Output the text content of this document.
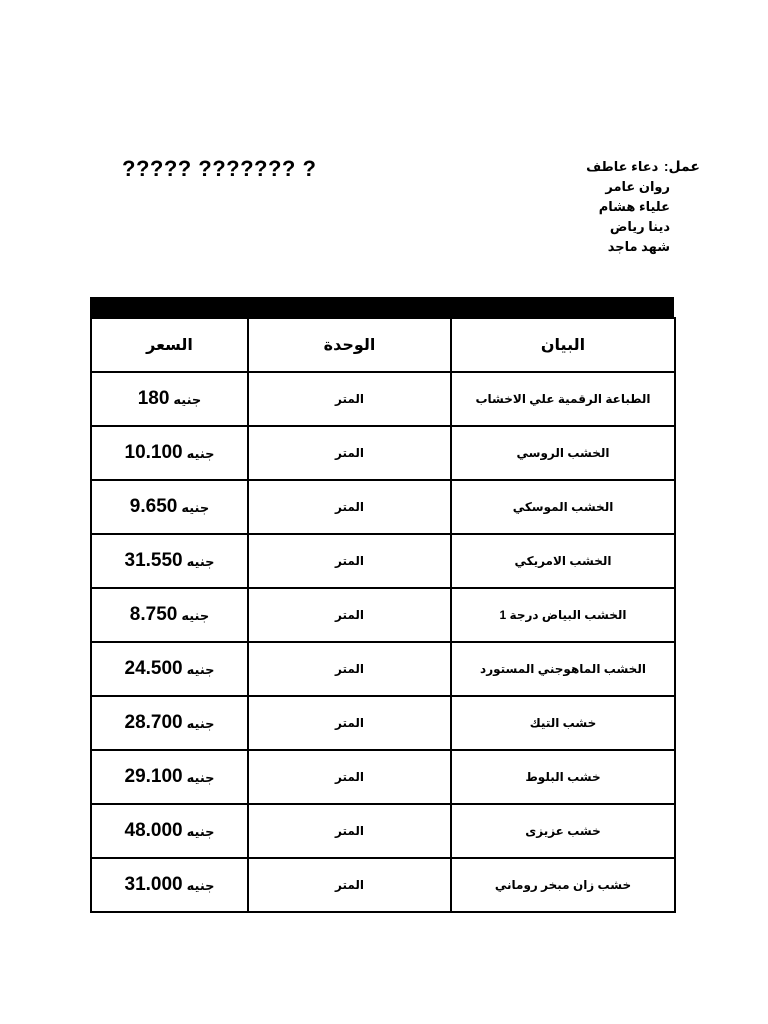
????? ??????? ?	عمل: دعاء عاطف
روان عامر
علياء هشام
دينا رياض
شهد ماجد
السعر	الوحدة	البيان
جنيه180	المتر	الطباعة الرقمية علي الاخشاب
جنيه10.100	المتر	الخشب الروسي
جنيه9.650	المتر	الخشب الموسكي
جنيه31.550	المتر	الخشب الامريكي
جنيه8.750	المتر	الخشب البياض درجة 1
جنيه24.500	المتر	الخشب الماهوجني المستورد
جنيه28.700	المتر	خشب التيك
جنيه29.100	المتر	خشب البلوط
جنيه48.000	المتر	خشب عزيزى
جنيه31.000	المتر	خشب زان مبخر روماني
